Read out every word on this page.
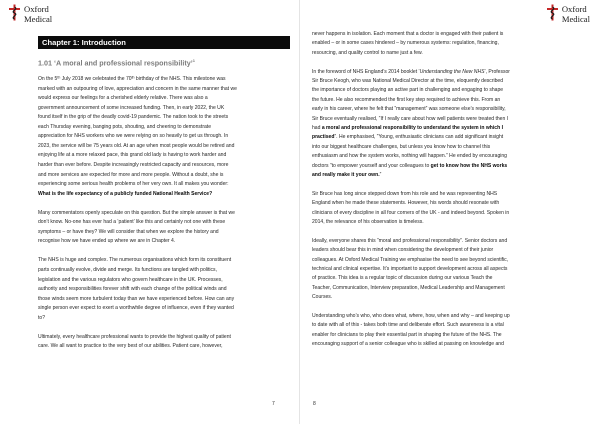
Oxford
Medical
Chapter 1: Introduction
1.01 ‘A moral and professional responsibility’$^1$
On the 5th July 2018 we celebrated the 70th birthday of the NHS. This milestone was
marked with an outpouring of love, appreciation and concern in the same manner that we
would express our feelings for a cherished elderly relative. There was also a
government announcement of some increased funding. Then, in early 2022, the UK
found itself in the grip of the deadly covid-19 pandemic. The nation took to the streets
each Thursday evening, banging pots, shouting, and cheering to demonstrate
appreciation for NHS workers who we were relying on so heavily to get us through. In
2023, the service will be 75 years old. At an age when most people would be retired and
enjoying life at a more relaxed pace, this grand old lady is having to work harder and
harder than ever before. Despite increasingly restricted capacity and resources, more
and more services are expected for more and more people. Without a doubt, she is
experiencing some serious health problems of her very own. It all makes you wonder:
What is the life expectancy of a publicly funded National Health Service?
Many commentators openly speculate on this question. But the simple answer is that we
don’t know. No-one has ever had a ‘patient’ like this and certainly not one with these
symptoms – or have they? We will consider that when we explore the history and
recognise how we have ended up where we are in Chapter 4.
The NHS is huge and complex. The numerous organisations which form its constituent
parts continually evolve, divide and merge. Its functions are tangled with politics,
legislation and the various regulators who govern healthcare in the UK. Processes,
authority and responsibilities forever shift with each change of the political winds and
those winds seem more turbulent today than we have experienced before. How can any
single person ever expect to exert a worthwhile degree of influence, even if they wanted
to?
Ultimately, every healthcare professional wants to provide the highest quality of patient
care. We all want to practice to the very best of our abilities. Patient care, however,
7
Oxford
Medical
never happens in isolation. Each moment that a doctor is engaged with their patient is
enabled – or in some cases hindered – by numerous systems: regulation, financing,
resourcing, and quality control to name just a few.
In the foreword of NHS England’s 2014 booklet ‘Understanding the New NHS’, Professor
Sir Bruce Keogh, who was National Medical Director at the time, eloquently described
the importance of doctors playing an active part in challenging and engaging to shape
the future. He also recommended the first key step required to achieve this. From an
early in his career, where he felt that “management” was someone else’s responsibility,
Sir Bruce eventually realised, “If I really care about how well patients were treated then I
had a moral and professional responsibility to understand the system in which I
practised”. He emphasised, “Young, enthusiastic clinicians can add significant insight
into our biggest healthcare challenges, but unless you know how to channel this
enthusiasm and how the system works, nothing will happen.” He ended by encouraging
doctors “to empower yourself and your colleagues to get to know how the NHS works
and really make it your own.”
Sir Bruce has long since stepped down from his role and he was representing NHS
England when he made these statements. However, his words should resonate with
clinicians of every discipline in all four corners of the UK - and indeed beyond. Spoken in
2014, the relevance of his observation is timeless.
Ideally, everyone shares this “moral and professional responsibility”. Senior doctors and
leaders should bear this in mind when considering the development of their junior
colleagues. At Oxford Medical Training we emphasise the need to see beyond scientific,
technical and clinical expertise. It’s important to support development across all aspects
of practice. This idea is a regular topic of discussion during our various Teach the
Teacher, Communication, Interview preparation, Medical Leadership and Management
Courses.
Understanding who’s who, who does what, where, how, when and why – and keeping up
to date with all of this - takes both time and deliberate effort. Such awareness is a vital
enabler for clinicians to play their essential part in shaping the future of the NHS. The
encouraging support of a senior colleague who is skilled at passing on knowledge and
8
